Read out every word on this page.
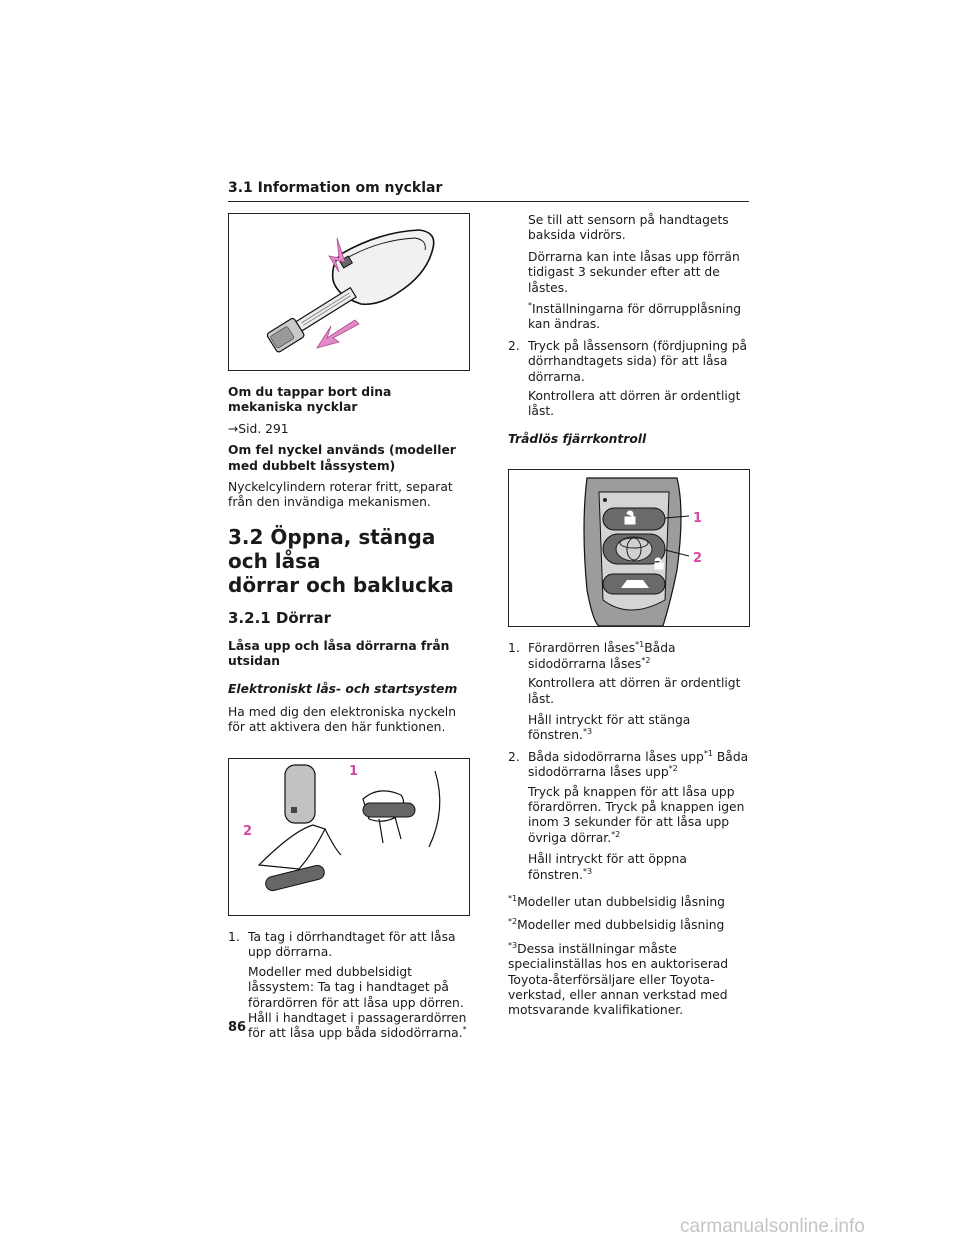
3.1 Information om nycklar
Om du tappar bort dina mekaniska nycklar
→Sid. 291
Om fel nyckel används (modeller med dubbelt låssystem)
Nyckelcylindern roterar fritt, separat från den invändiga mekanismen.
3.2 Öppna, stänga och låsa
dörrar och baklucka
3.2.1 Dörrar
Låsa upp och låsa dörrarna från utsidan
Elektroniskt lås- och startsystem
Ha med dig den elektroniska nyckeln för att aktivera den här funktionen.
1
2
1. Ta tag i dörrhandtaget för att låsa upp dörrarna.
Modeller med dubbelsidigt låssystem: Ta tag i handtaget på förardörren för att låsa upp dörren. Håll i handtaget i passagerardörren för att låsa upp båda sidodörrarna.*
Se till att sensorn på handtagets baksida vidrörs.
Dörrarna kan inte låsas upp förrän tidigast 3 sekunder efter att de låstes.
*Inställningarna för dörrupplåsning kan ändras.
2. Tryck på låssensorn (fördjupning på dörrhandtagets sida) för att låsa dörrarna.
Kontrollera att dörren är ordentligt låst.
Trådlös fjärrkontroll
1
2
1. Förardörren låses$^{*1}$Båda sidodörrarna låses$^{*2}$
Kontrollera att dörren är ordentligt låst.
Håll intryckt för att stänga fönstren.$^{*3}$
2. Båda sidodörrarna låses upp$^{*1}$ Båda sidodörrarna låses upp$^{*2}$
Tryck på knappen för att låsa upp förardörren. Tryck på knappen igen inom 3 sekunder för att låsa upp övriga dörrar.$^{*2}$
Håll intryckt för att öppna fönstren.$^{*3}$
$^{*1}$Modeller utan dubbelsidig låsning
$^{*2}$Modeller med dubbelsidig låsning
$^{*3}$Dessa inställningar måste specialinställas hos en auktoriserad Toyota-återförsäljare eller Toyota-verkstad, eller annan verkstad med motsvarande kvalifikationer.
86
carmanualsonline.info
